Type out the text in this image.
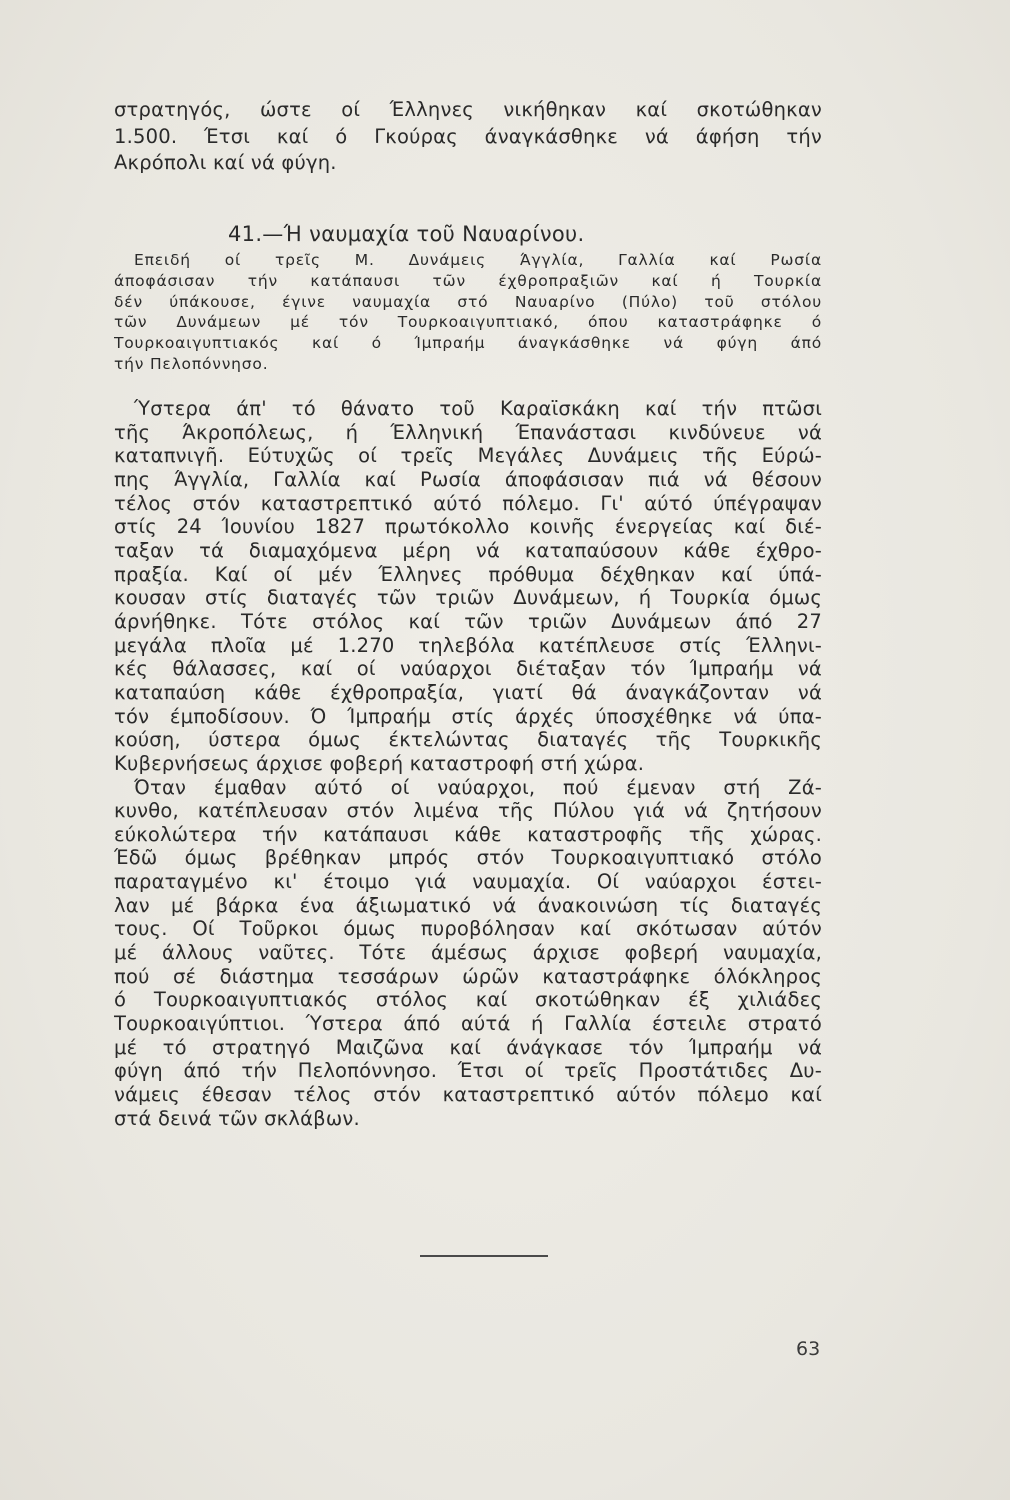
στρατηγός, ώστε οί Έλληνες νικήθηκαν καί σκοτώθηκαν
1.500. Έτσι καί ό Γκούρας άναγκάσθηκε νά άφήση τήν
Ακρόπολι καί νά φύγη.
41.—Ή ναυμαχία τοῦ Ναυαρίνου.
Επειδή οί τρεῖς Μ. Δυνάμεις Άγγλία, Γαλλία καί Ρωσία
άποφάσισαν τήν κατάπαυσι τῶν έχθροπραξιῶν καί ή Τουρκία
δέν ύπάκουσε, έγινε ναυμαχία στό Ναυαρίνο (Πύλο) τοῦ στόλου
τῶν Δυνάμεων μέ τόν Τουρκοαιγυπτιακό, όπου καταστράφηκε ό
Τουρκοαιγυπτιακός καί ό Ίμπραήμ άναγκάσθηκε νά φύγη άπό
τήν Πελοπόννησο.
Ύστερα άπ' τό θάνατο τοῦ Καραϊσκάκη καί τήν πτῶσι
τῆς Άκροπόλεως, ή Έλληνική Έπανάστασι κινδύνευε νά
καταπνιγῆ. Εύτυχῶς οί τρεῖς Μεγάλες Δυνάμεις τῆς Εύρώ-
πης Άγγλία, Γαλλία καί Ρωσία άποφάσισαν πιά νά θέσουν
τέλος στόν καταστρεπτικό αύτό πόλεμο. Γι' αύτό ύπέγραψαν
στίς 24 Ίουνίου 1827 πρωτόκολλο κοινῆς ένεργείας καί διέ-
ταξαν τά διαμαχόμενα μέρη νά καταπαύσουν κάθε έχθρο-
πραξία. Καί οί μέν Έλληνες πρόθυμα δέχθηκαν καί ύπά-
κουσαν στίς διαταγές τῶν τριῶν Δυνάμεων, ή Τουρκία όμως
άρνήθηκε. Τότε στόλος καί τῶν τριῶν Δυνάμεων άπό 27
μεγάλα πλοῖα μέ 1.270 τηλεβόλα κατέπλευσε στίς Έλληνι-
κές θάλασσες, καί οί ναύαρχοι διέταξαν τόν Ίμπραήμ νά
καταπαύση κάθε έχθροπραξία, γιατί θά άναγκάζονταν νά
τόν έμποδίσουν. Ό Ίμπραήμ στίς άρχές ύποσχέθηκε νά ύπα-
κούση, ύστερα όμως έκτελώντας διαταγές τῆς Τουρκικῆς
Κυβερνήσεως άρχισε φοβερή καταστροφή στή χώρα.
Όταν έμαθαν αύτό οί ναύαρχοι, πού έμεναν στή Ζά-
κυνθο, κατέπλευσαν στόν λιμένα τῆς Πύλου γιά νά ζητήσουν
εύκολώτερα τήν κατάπαυσι κάθε καταστροφῆς τῆς χώρας.
Έδῶ όμως βρέθηκαν μπρός στόν Τουρκοαιγυπτιακό στόλο
παραταγμένο κι' έτοιμο γιά ναυμαχία. Οί ναύαρχοι έστει-
λαν μέ βάρκα ένα άξιωματικό νά άνακοινώση τίς διαταγές
τους. Οί Τοῦρκοι όμως πυροβόλησαν καί σκότωσαν αύτόν
μέ άλλους ναῦτες. Τότε άμέσως άρχισε φοβερή ναυμαχία,
πού σέ διάστημα τεσσάρων ώρῶν καταστράφηκε όλόκληρος
ό Τουρκοαιγυπτιακός στόλος καί σκοτώθηκαν έξ χιλιάδες
Τουρκοαιγύπτιοι. Ύστερα άπό αύτά ή Γαλλία έστειλε στρατό
μέ τό στρατηγό Μαιζῶνα καί άνάγκασε τόν Ίμπραήμ νά
φύγη άπό τήν Πελοπόννησο. Έτσι οί τρεῖς Προστάτιδες Δυ-
νάμεις έθεσαν τέλος στόν καταστρεπτικό αύτόν πόλεμο καί
στά δεινά τῶν σκλάβων.
63
